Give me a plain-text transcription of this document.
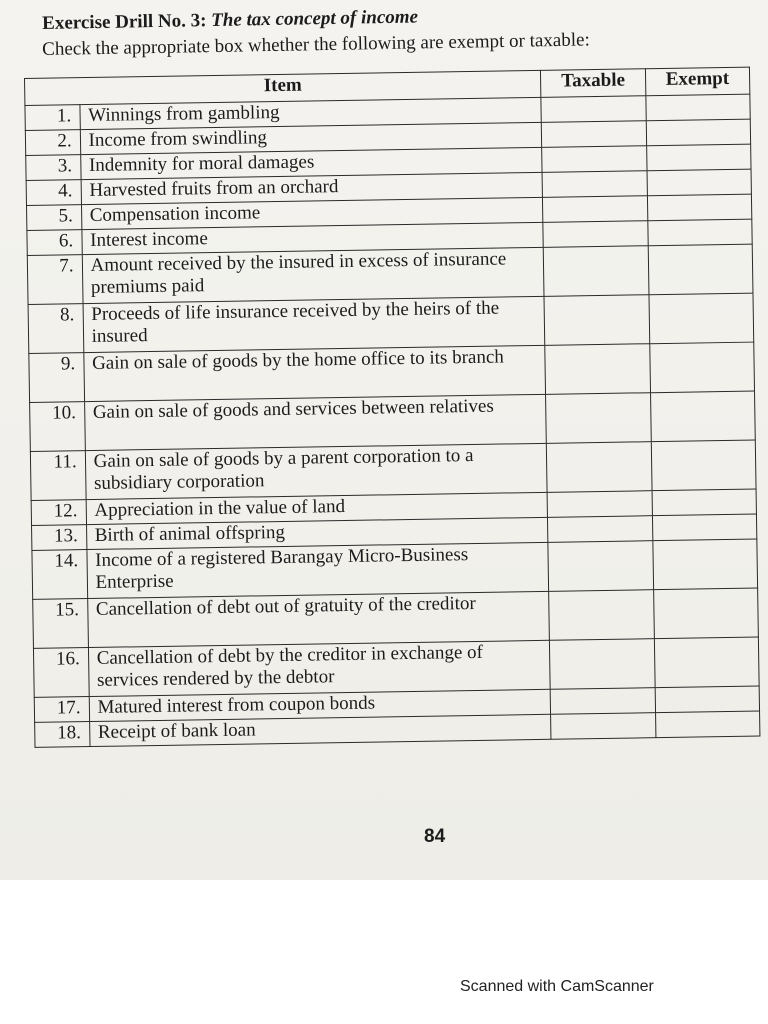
Exercise Drill No. 3: The tax concept of income
Check the appropriate box whether the following are exempt or taxable:
Item		Taxable	Exempt
1.	Winnings from gambling		
2.	Income from swindling		
3.	Indemnity for moral damages		
4.	Harvested fruits from an orchard		
5.	Compensation income		
6.	Interest income		
7.	Amount received by the insured in excess of insurance premiums paid		
8.	Proceeds of life insurance received by the heirs of the insured		
9.	Gain on sale of goods by the home office to its branch		
10.	Gain on sale of goods and services between relatives		
11.	Gain on sale of goods by a parent corporation to a subsidiary corporation		
12.	Appreciation in the value of land		
13.	Birth of animal offspring		
14.	Income of a registered Barangay Micro-Business Enterprise		
15.	Cancellation of debt out of gratuity of the creditor		
16.	Cancellation of debt by the creditor in exchange of services rendered by the debtor		
17.	Matured interest from coupon bonds		
18.	Receipt of bank loan		
84
Scanned with CamScanner
